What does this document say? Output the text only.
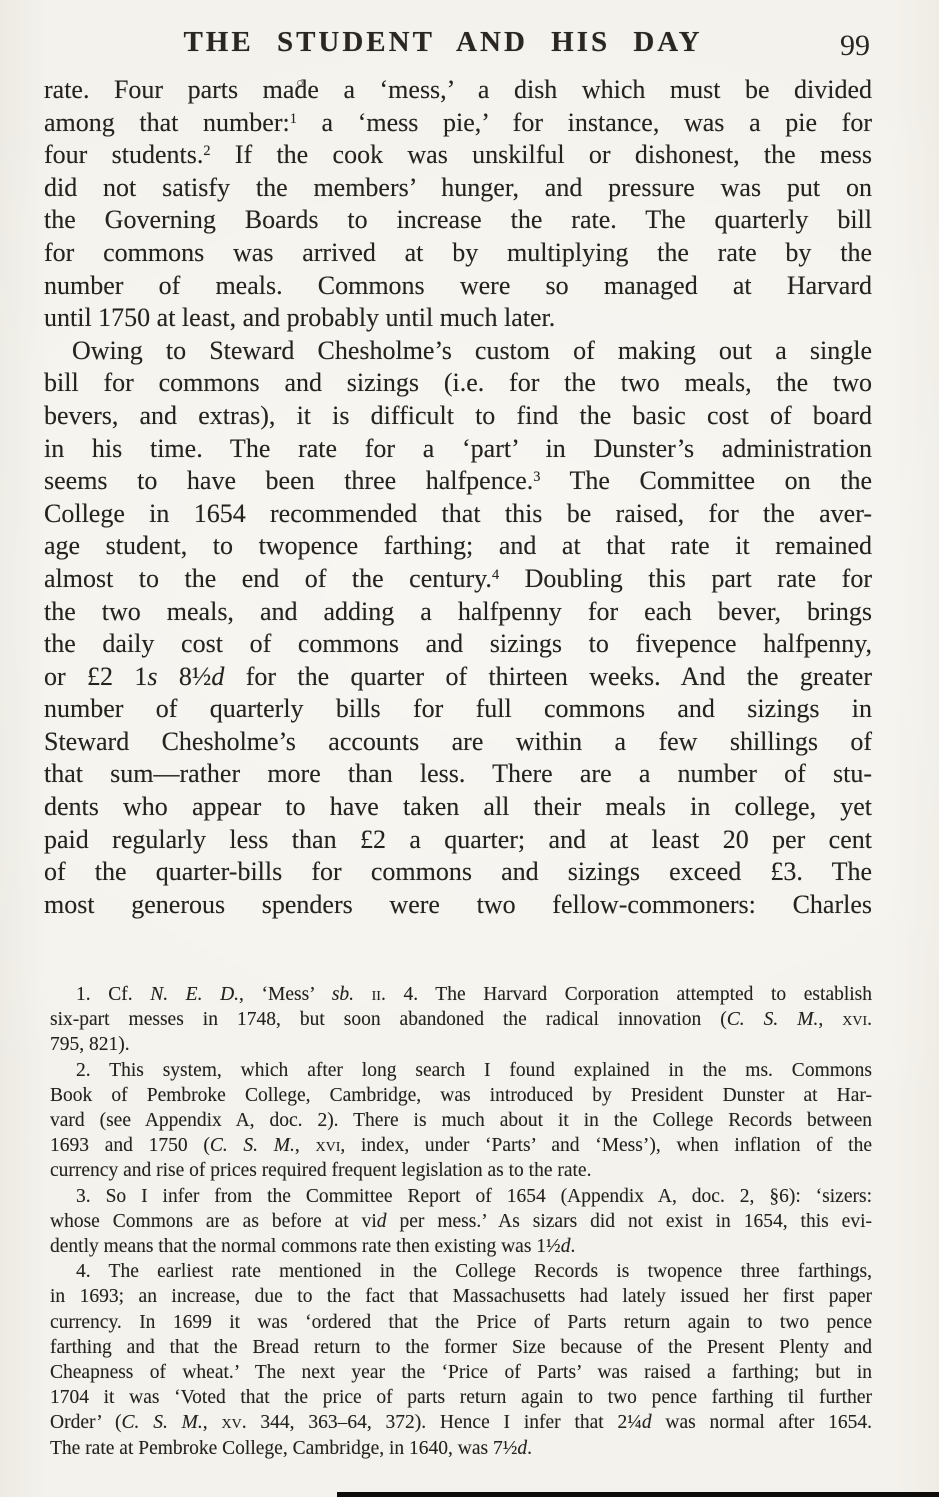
THE STUDENT AND HIS DAY	99
rate. Four parts made a ‘mess,’ a dish which must be divided
among that number:$^1$ a ‘mess pie,’ for instance, was a pie for
four students.$^2$ If the cook was unskilful or dishonest, the mess
did not satisfy the members’ hunger, and pressure was put on
the Governing Boards to increase the rate. The quarterly bill
for commons was arrived at by multiplying the rate by the
number of meals. Commons were so managed at Harvard
until 1750 at least, and probably until much later.
Owing to Steward Chesholme’s custom of making out a single
bill for commons and sizings (i.e. for the two meals, the two
bevers, and extras), it is difficult to find the basic cost of board
in his time. The rate for a ‘part’ in Dunster’s administration
seems to have been three halfpence.$^3$ The Committee on the
College in 1654 recommended that this be raised, for the aver-
age student, to twopence farthing; and at that rate it remained
almost to the end of the century.$^4$ Doubling this part rate for
the two meals, and adding a halfpenny for each bever, brings
the daily cost of commons and sizings to fivepence halfpenny,
or £2 1s 8½d for the quarter of thirteen weeks. And the greater
number of quarterly bills for full commons and sizings in
Steward Chesholme’s accounts are within a few shillings of
that sum—rather more than less. There are a number of stu-
dents who appear to have taken all their meals in college, yet
paid regularly less than £2 a quarter; and at least 20 per cent
of the quarter-bills for commons and sizings exceed £3. The
most generous spenders were two fellow-commoners: Charles
1. Cf. N. E. D., ‘Mess’ sb. ii. 4. The Harvard Corporation attempted to establish
six-part messes in 1748, but soon abandoned the radical innovation (C. S. M., xvi.
795, 821).
2. This system, which after long search I found explained in the ms. Commons
Book of Pembroke College, Cambridge, was introduced by President Dunster at Har-
vard (see Appendix A, doc. 2). There is much about it in the College Records between
1693 and 1750 (C. S. M., xvi, index, under ‘Parts’ and ‘Mess’), when inflation of the
currency and rise of prices required frequent legislation as to the rate.
3. So I infer from the Committee Report of 1654 (Appendix A, doc. 2, §6): ‘sizers:
whose Commons are as before at vid per mess.’ As sizars did not exist in 1654, this evi-
dently means that the normal commons rate then existing was 1½d.
4. The earliest rate mentioned in the College Records is twopence three farthings,
in 1693; an increase, due to the fact that Massachusetts had lately issued her first paper
currency. In 1699 it was ‘ordered that the Price of Parts return again to two pence
farthing and that the Bread return to the former Size because of the Present Plenty and
Cheapness of wheat.’ The next year the ‘Price of Parts’ was raised a farthing; but in
1704 it was ‘Voted that the price of parts return again to two pence farthing til further
Order’ (C. S. M., xv. 344, 363–64, 372). Hence I infer that 2¼d was normal after 1654.
The rate at Pembroke College, Cambridge, in 1640, was 7½d.
